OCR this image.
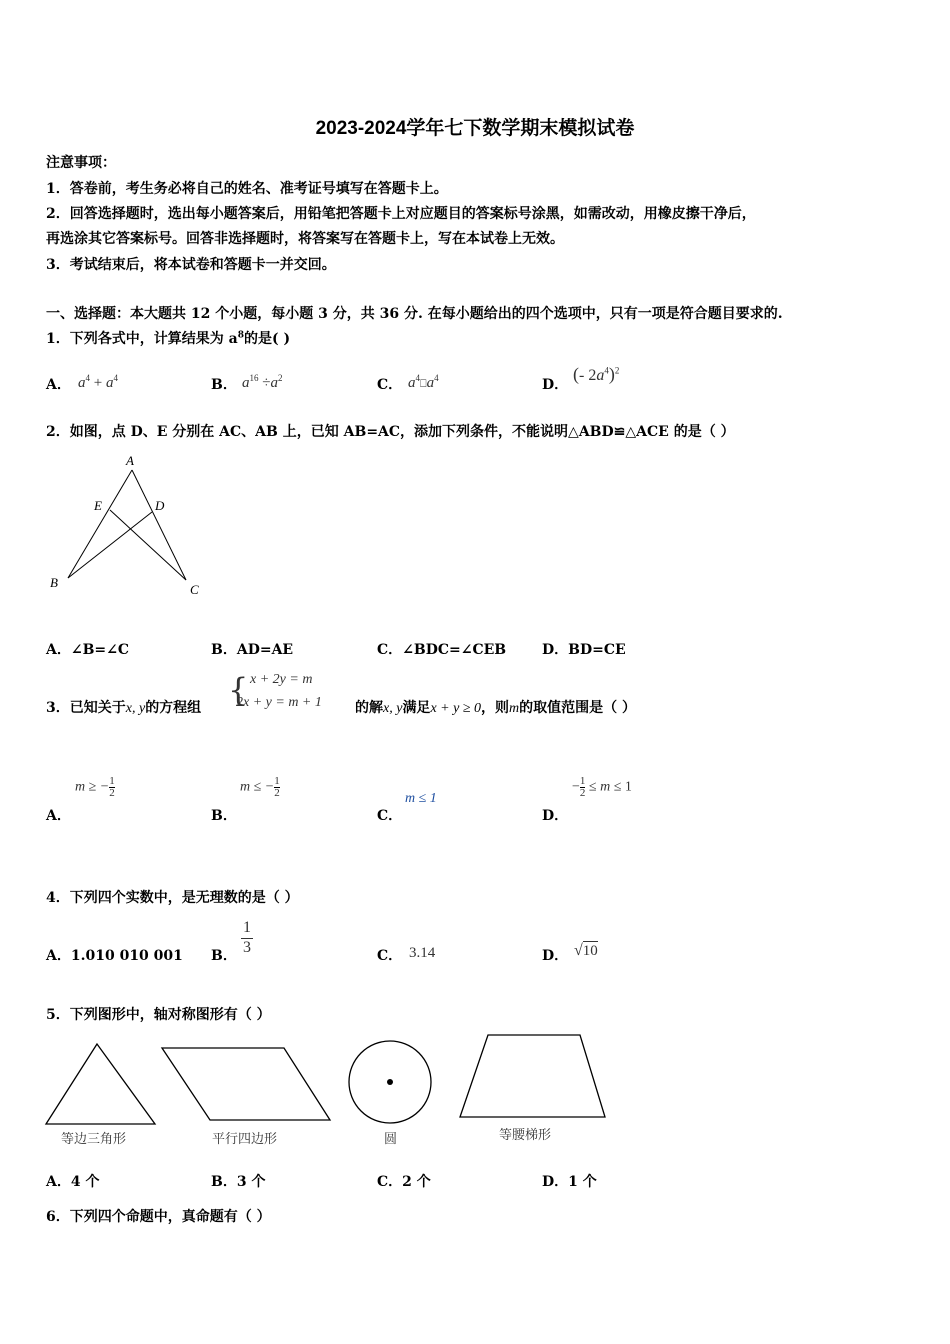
2023-2024学年七下数学期末模拟试卷
注意事项：
1．答卷前，考生务必将自己的姓名、准考证号填写在答题卡上。
2．回答选择题时，选出每小题答案后，用铅笔把答题卡上对应题目的答案标号涂黑，如需改动，用橡皮擦干净后，
再选涂其它答案标号。回答非选择题时，将答案写在答题卡上，写在本试卷上无效。
3．考试结束后，将本试卷和答题卡一并交回。
一、选择题：本大题共 12 个小题，每小题 3 分，共 36 分. 在每小题给出的四个选项中，只有一项是符合题目要求的.
1．下列各式中，计算结果为 $a^8$的是( )
A． $a^4 + a^4$	B． $a^{16} \div a^2$	C． $a^4⎕a^4$	D．
(- $2a^4)^2$
2．如图，点 D、E 分别在 AC、AB 上，已知 AB=AC，添加下列条件，不能说明△ABD≌△ACE 的是（ ）
A
E	D
B	C
A．∠B=∠C	B．AD=AE	C．∠BDC=∠CEB	D．BD=CE
3．已知关于x, y的方程组 { x + 2y = m
2x + y = m + 1 的解x, y满足x + y ≥ 0，则m的取值范围是（ ）
m ≥ − $\frac{1}{2}$
A．
m ≤ − $\frac{1}{2}$
B．
m ≤ 1
C．
− $\frac{1}{2} \le m \le 1$
D．
4．下列四个实数中，是无理数的是（ ）
A．1.010 010 001 B．
1
3
C． 3.14	D． √10
5．下列图形中，轴对称图形有（ ）
等边三角形	平行四边形	圆	等腰梯形
A．4 个	B．3 个	C．2 个	D．1 个
6．下列四个命题中，真命题有（ ）
